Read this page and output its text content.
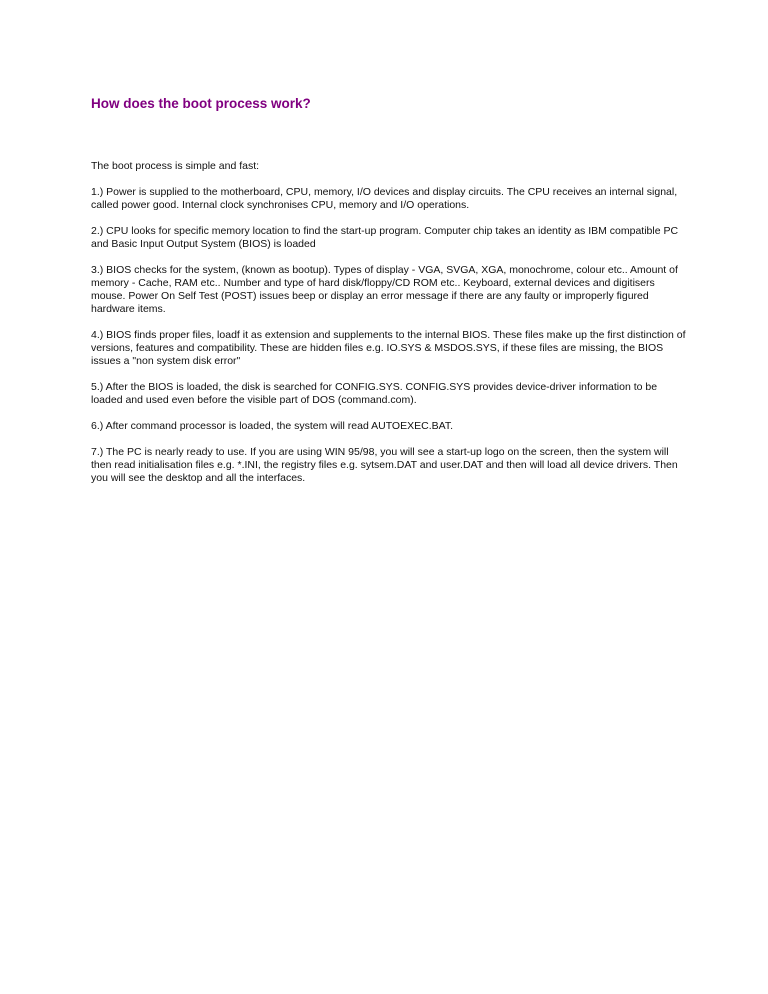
How does the boot process work?

The boot process is simple and fast:

1.) Power is supplied to the motherboard, CPU, memory, I/O devices and display circuits. The CPU receives an internal signal, called power good. Internal clock synchronises CPU, memory and I/O operations.

2.) CPU looks for specific memory location to find the start-up program. Computer chip takes an identity as IBM compatible PC and Basic Input Output System (BIOS) is loaded

3.) BIOS checks for the system, (known as bootup). Types of display - VGA, SVGA, XGA, monochrome, colour etc.. Amount of memory - Cache, RAM etc.. Number and type of hard disk/floppy/CD ROM etc.. Keyboard, external devices and digitisers mouse. Power On Self Test (POST) issues beep or display an error message if there are any faulty or improperly figured hardware items.

4.) BIOS finds proper files, loadf it as extension and supplements to the internal BIOS. These files make up the first distinction of versions, features and compatibility. These are hidden files e.g. IO.SYS & MSDOS.SYS, if these files are missing, the BIOS issues a "non system disk error"

5.) After the BIOS is loaded, the disk is searched for CONFIG.SYS. CONFIG.SYS provides device-driver information to be loaded and used even before the visible part of DOS (command.com).

6.) After command processor is loaded, the system will read AUTOEXEC.BAT.

7.) The PC is nearly ready to use. If you are using WIN 95/98, you will see a start-up logo on the screen, then the system will then read initialisation files e.g. *.INI, the registry files e.g. sytsem.DAT and user.DAT and then will load all device drivers. Then you will see the desktop and all the interfaces.
